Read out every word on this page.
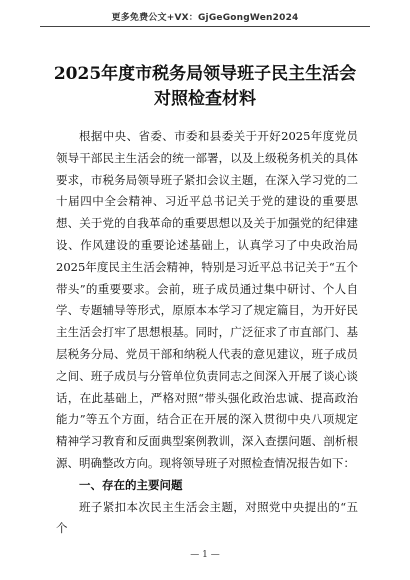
更多免费公文+VX：GjGeGongWen2024
2025年度市税务局领导班子民主生活会
对照检查材料

根据中央、省委、市委和县委关于开好2025年度党员领导干部民主生活会的统一部署，以及上级税务机关的具体要求，市税务局领导班子紧扣会议主题，在深入学习党的二十届四中全会精神、习近平总书记关于党的建设的重要思想、关于党的自我革命的重要思想以及关于加强党的纪律建设、作风建设的重要论述基础上，认真学习了中央政治局2025年度民主生活会精神，特别是习近平总书记关于“五个带头”的重要要求。会前，班子成员通过集中研讨、个人自学、专题辅导等形式，原原本本学习了规定篇目，为开好民主生活会打牢了思想根基。同时，广泛征求了市直部门、基层税务分局、党员干部和纳税人代表的意见建议，班子成员之间、班子成员与分管单位负责同志之间深入开展了谈心谈话，在此基础上，严格对照“带头强化政治忠诚、提高政治能力”等五个方面，结合正在开展的深入贯彻中央八项规定精神学习教育和反面典型案例教训，深入查摆问题、剖析根源、明确整改方向。现将领导班子对照检查情况报告如下：

一、存在的主要问题

班子紧扣本次民主生活会主题，对照党中央提出的“五个

— 1 —
